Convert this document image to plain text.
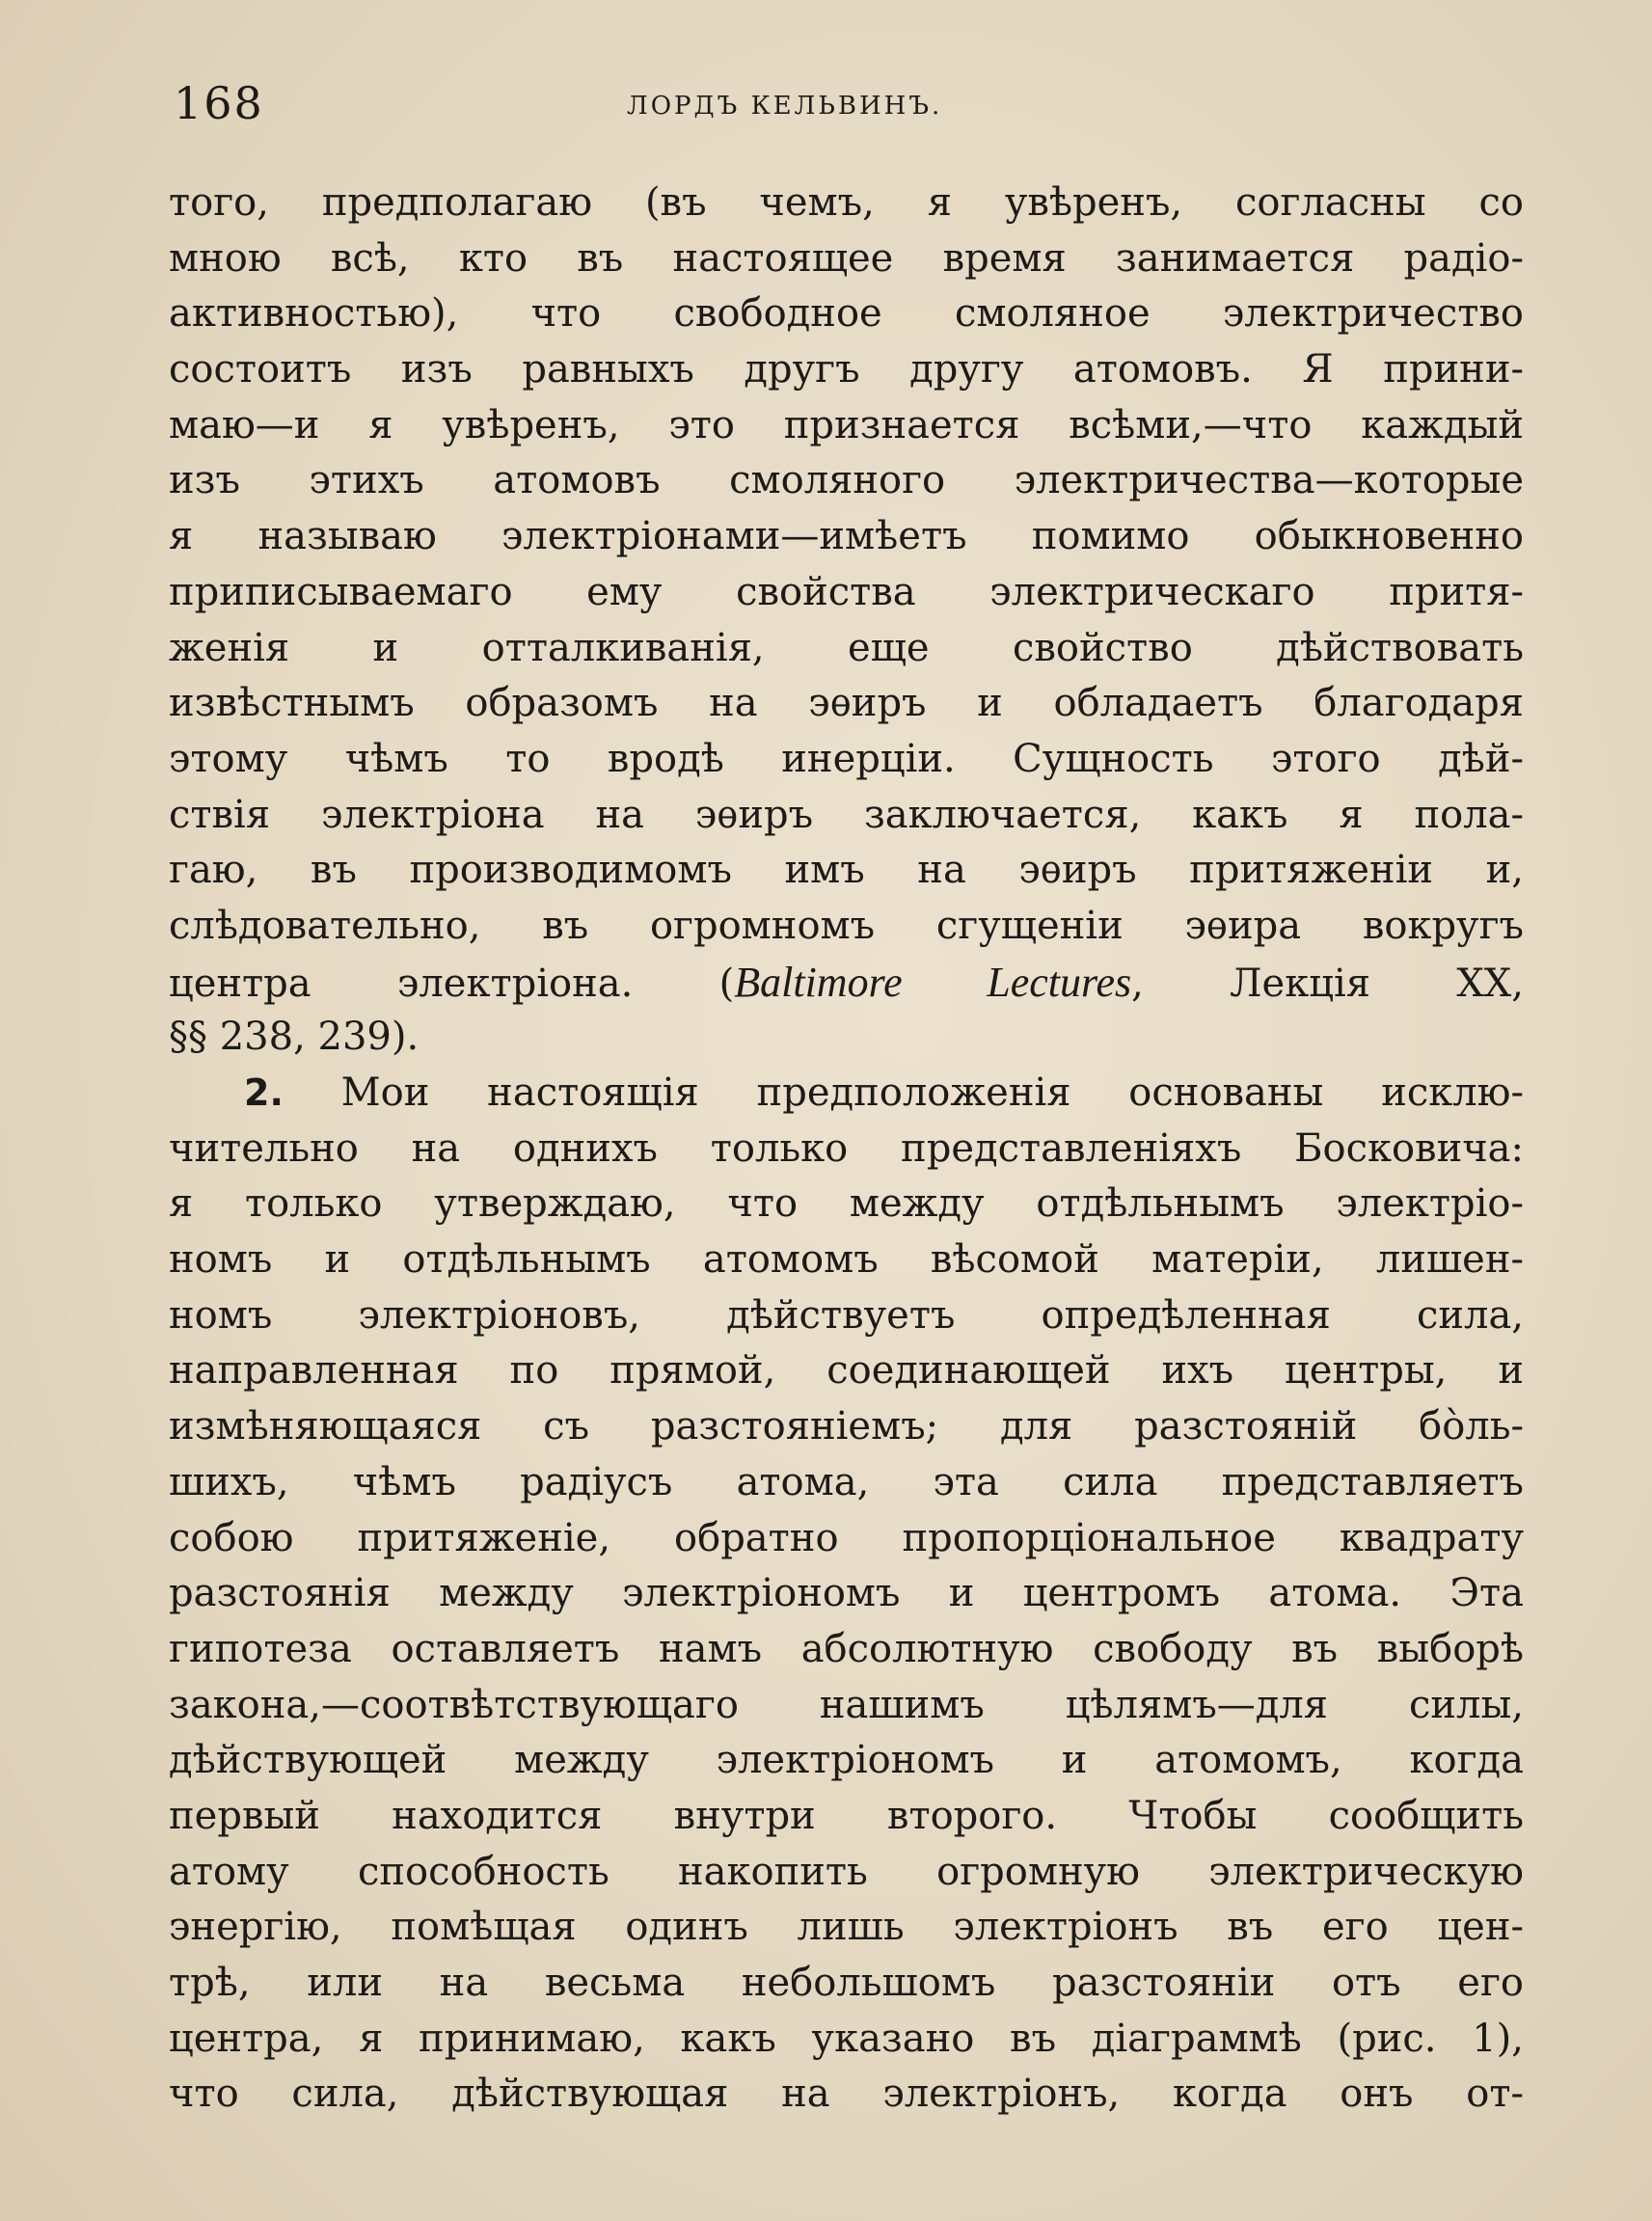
168	ЛОРДЪ КЕЛЬВИНЪ.
того, предполагаю (въ чемъ, я увѣренъ, согласны со
мною всѣ, кто въ настоящее время занимается радіо-
активностью), что свободное смоляное электричество
состоитъ изъ равныхъ другъ другу атомовъ. Я прини-
маю—и я увѣренъ, это признается всѣми,—что каждый
изъ этихъ атомовъ смоляного электричества—которые
я называю электріонами—имѣетъ помимо обыкновенно
приписываемаго ему свойства электрическаго притя-
женія и отталкиванія, еще свойство дѣйствовать
извѣстнымъ образомъ на эѳиръ и обладаетъ благодаря
этому чѣмъ то вродѣ инерціи. Сущность этого дѣй-
ствія электріона на эѳиръ заключается, какъ я пола-
гаю, въ производимомъ имъ на эѳиръ притяженіи и,
слѣдовательно, въ огромномъ сгущеніи эѳира вокругъ
центра электріона. (Baltimore Lectures, Лекція XX,
§§ 238, 239).
2. Мои настоящія предположенія основаны исклю-
чительно на однихъ только представленіяхъ Босковича:
я только утверждаю, что между отдѣльнымъ электріо-
номъ и отдѣльнымъ атомомъ вѣсомой матеріи, лишен-
номъ электріоновъ, дѣйствуетъ опредѣленная сила,
направленная по прямой, соединающей ихъ центры, и
измѣняющаяся съ разстояніемъ; для разстояній бо̀ль-
шихъ, чѣмъ радіусъ атома, эта сила представляетъ
собою притяженіе, обратно пропорціональное квадрату
разстоянія между электріономъ и центромъ атома. Эта
гипотеза оставляетъ намъ абсолютную свободу въ выборѣ
закона,—соотвѣтствующаго нашимъ цѣлямъ—для силы,
дѣйствующей между электріономъ и атомомъ, когда
первый находится внутри второго. Чтобы сообщить
атому способность накопить огромную электрическую
энергію, помѣщая одинъ лишь электріонъ въ его цен-
трѣ, или на весьма небольшомъ разстояніи отъ его
центра, я принимаю, какъ указано въ діаграммѣ (рис. 1),
что сила, дѣйствующая на электріонъ, когда онъ от-
